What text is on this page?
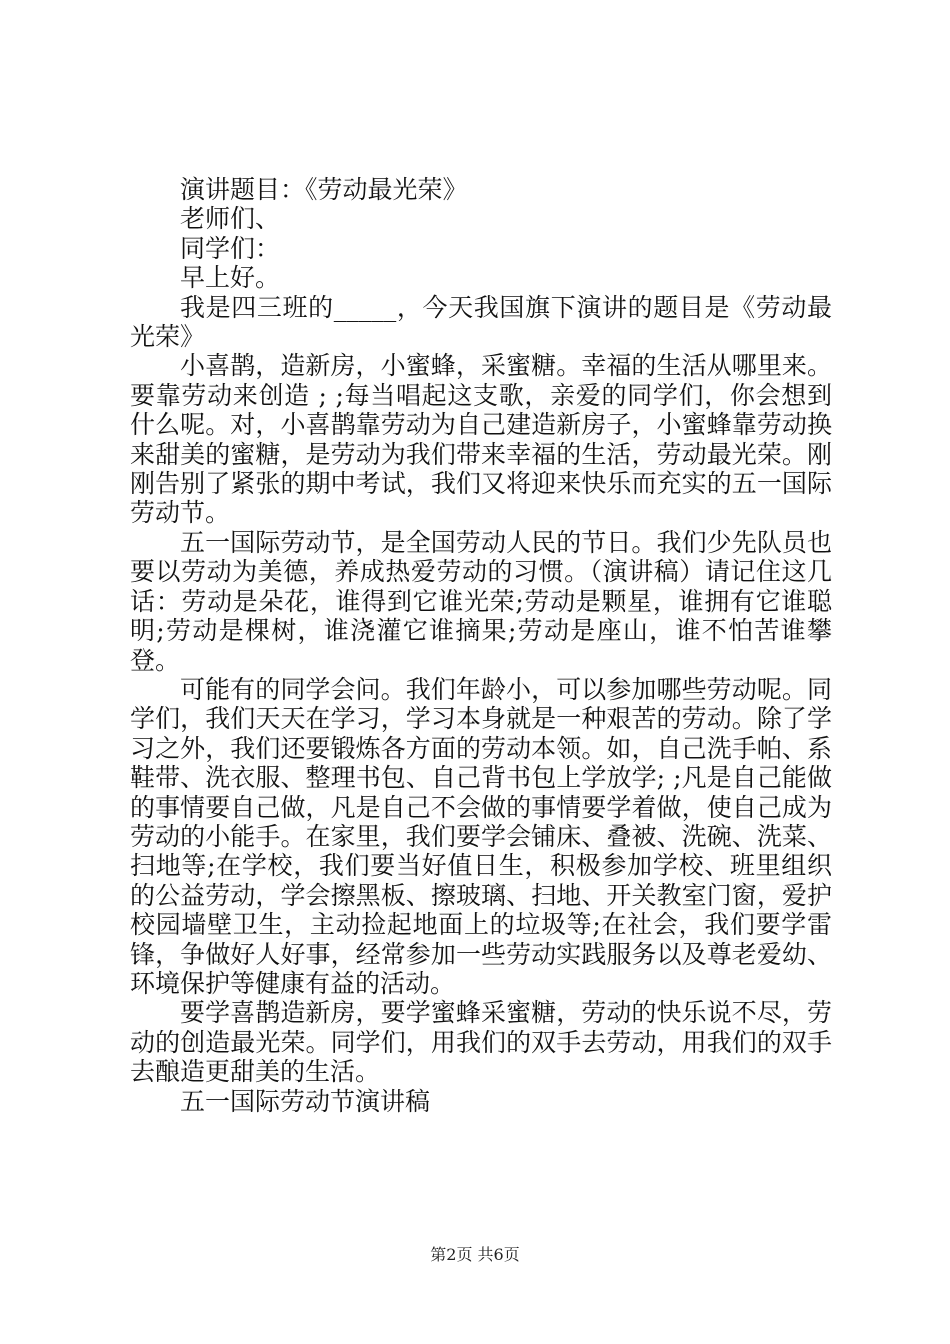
演讲题目：《劳动最光荣》

老师们、

同学们：

早上好。

我是四三班的_____，今天我国旗下演讲的题目是《劳动最光荣》

小喜鹊，造新房，小蜜蜂，采蜜糖。幸福的生活从哪里来。要靠劳动来创造 ; ;每当唱起这支歌，亲爱的同学们，你会想到什么呢。对，小喜鹊靠劳动为自己建造新房子，小蜜蜂靠劳动换来甜美的蜜糖，是劳动为我们带来幸福的生活，劳动最光荣。刚刚告别了紧张的期中考试，我们又将迎来快乐而充实的五一国际劳动节。

五一国际劳动节，是全国劳动人民的节日。我们少先队员也要以劳动为美德，养成热爱劳动的习惯。（演讲稿）请记住这几话：劳动是朵花，谁得到它谁光荣;劳动是颗星，谁拥有它谁聪明;劳动是棵树，谁浇灌它谁摘果;劳动是座山，谁不怕苦谁攀登。

可能有的同学会问。我们年龄小，可以参加哪些劳动呢。同学们，我们天天在学习，学习本身就是一种艰苦的劳动。除了学习之外，我们还要锻炼各方面的劳动本领。如，自己洗手帕、系鞋带、洗衣服、整理书包、自己背书包上学放学; ;凡是自己能做的事情要自己做，凡是自己不会做的事情要学着做，使自己成为劳动的小能手。在家里，我们要学会铺床、叠被、洗碗、洗菜、扫地等;在学校，我们要当好值日生，积极参加学校、班里组织的公益劳动，学会擦黑板、擦玻璃、扫地、开关教室门窗，爱护校园墙壁卫生，主动捡起地面上的垃圾等;在社会，我们要学雷锋，争做好人好事，经常参加一些劳动实践服务以及尊老爱幼、环境保护等健康有益的活动。

要学喜鹊造新房，要学蜜蜂采蜜糖，劳动的快乐说不尽，劳动的创造最光荣。同学们，用我们的双手去劳动，用我们的双手去酿造更甜美的生活。

五一国际劳动节演讲稿

第2页 共6页
